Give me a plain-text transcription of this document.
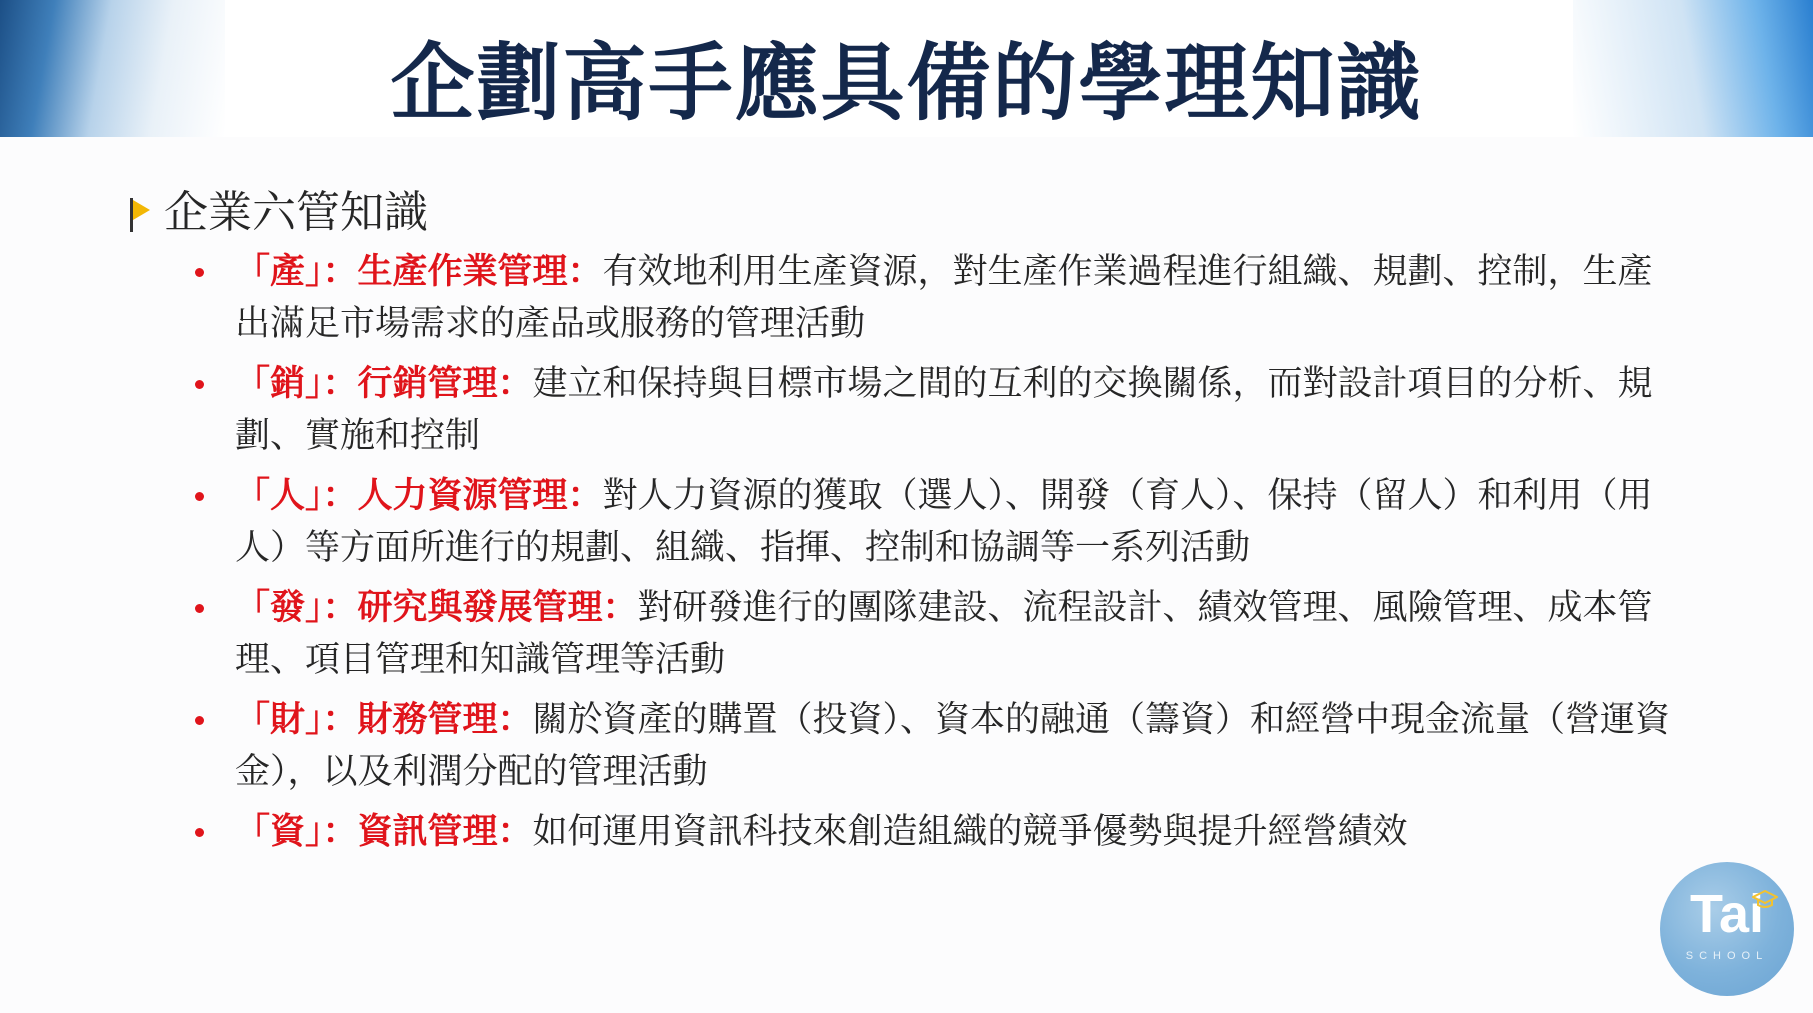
企劃高手應具備的學理知識
企業六管知識
「產」：生產作業管理：有效地利用生產資源，對生產作業過程進行組織、規劃、控制，生產出滿足市場需求的產品或服務的管理活動
「銷」：行銷管理：建立和保持與目標市場之間的互利的交換關係，而對設計項目的分析、規劃、實施和控制
「人」：人力資源管理：對人力資源的獲取（選人）、開發（育人）、保持（留人）和利用（用人）等方面所進行的規劃、組織、指揮、控制和協調等一系列活動
「發」：研究與發展管理：對研發進行的團隊建設、流程設計、績效管理、風險管理、成本管理、項目管理和知識管理等活動
「財」：財務管理：關於資產的購置（投資）、資本的融通（籌資）和經營中現金流量（營運資金），以及利潤分配的管理活動
「資」：資訊管理：如何運用資訊科技來創造組織的競爭優勢與提升經營績效
Tai
SCHOOL
